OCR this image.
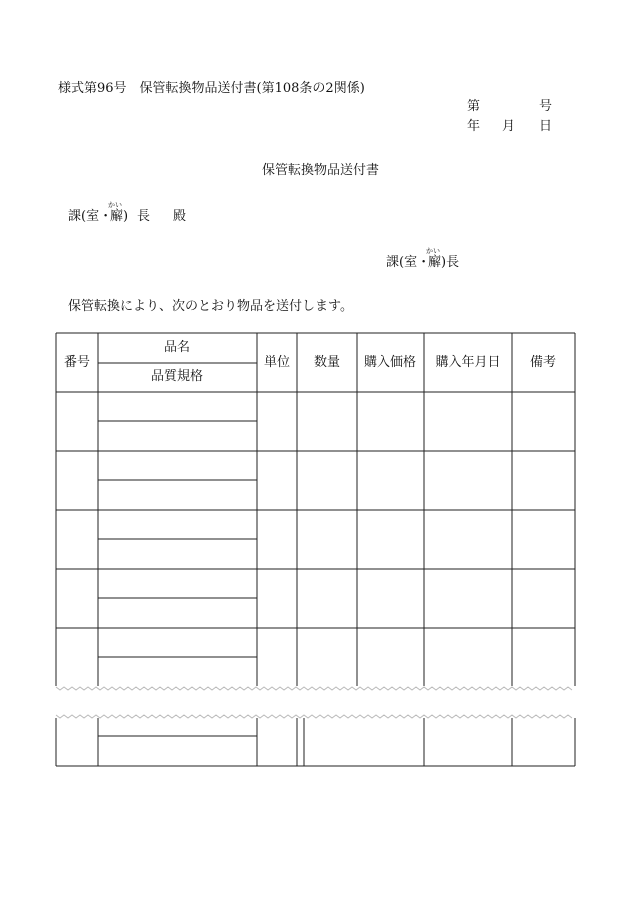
様式第96号　保管転換物品送付書(第108条の2関係)
第	号
年 月 日
保管転換物品送付書
課(室・
かい
廨 ) 長 殿
課(室・
かい
廨 )長
保管転換により、次のとおり物品を送付します。
番号
品名
品質規格
単位 数量 購入価格 購入年月日 備考
